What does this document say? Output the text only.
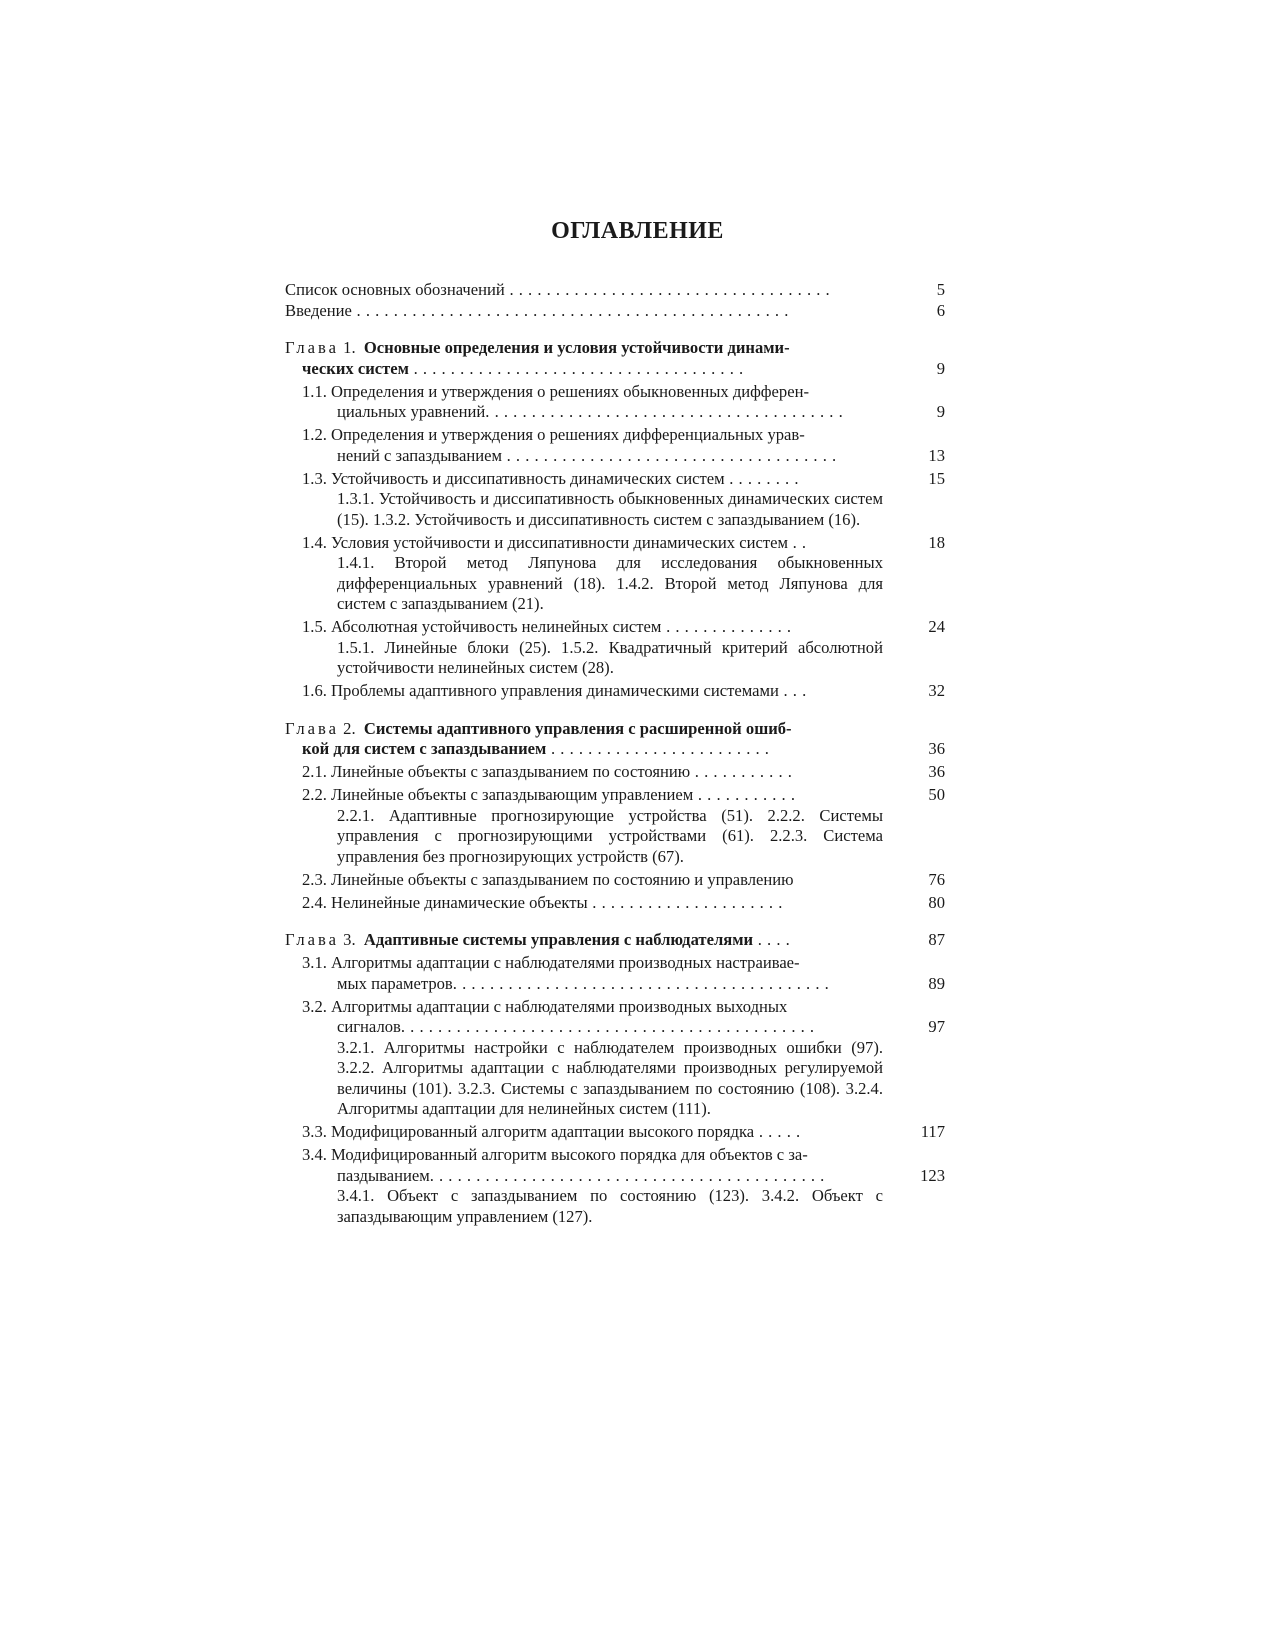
ОГЛАВЛЕНИЕ
Список основных обозначений . . . . . . . . . . . . . . . . . . . . . . . . . . . . . . . . . . .	5
Введение . . . . . . . . . . . . . . . . . . . . . . . . . . . . . . . . . . . . . . . . . . . . . . .	6
Глава 1. Основные определения и условия устойчивости динами-
ческих систем . . . . . . . . . . . . . . . . . . . . . . . . . . . . . . . . . . . .	9
1.1. Определения и утверждения о решениях обыкновенных дифферен-
циальных уравнений. . . . . . . . . . . . . . . . . . . . . . . . . . . . . . . . . . . . . . .	9
1.2. Определения и утверждения о решениях дифференциальных урав-
нений с запаздыванием . . . . . . . . . . . . . . . . . . . . . . . . . . . . . . . . . . . .	13
1.3. Устойчивость и диссипативность динамических систем . . . . . . . .	15
1.3.1. Устойчивость и диссипативность обыкновенных динамических систем (15). 1.3.2. Устойчивость и диссипативность систем с запаздыванием (16).
1.4. Условия устойчивости и диссипативности динамических систем . .	18
1.4.1. Второй метод Ляпунова для исследования обыкновенных дифференциальных уравнений (18). 1.4.2. Второй метод Ляпунова для систем с запаздыванием (21).
1.5. Абсолютная устойчивость нелинейных систем . . . . . . . . . . . . . .	24
1.5.1. Линейные блоки (25). 1.5.2. Квадратичный критерий абсолютной устойчивости нелинейных систем (28).
1.6. Проблемы адаптивного управления динамическими системами . . .	32
Глава 2. Системы адаптивного управления с расширенной ошиб-
кой для систем с запаздыванием . . . . . . . . . . . . . . . . . . . . . . . .	36
2.1. Линейные объекты с запаздыванием по состоянию . . . . . . . . . . .	36
2.2. Линейные объекты с запаздывающим управлением . . . . . . . . . . .	50
2.2.1. Адаптивные прогнозирующие устройства (51). 2.2.2. Системы управления с прогнозирующими устройствами (61). 2.2.3. Система управления без прогнозирующих устройств (67).
2.3. Линейные объекты с запаздыванием по состоянию и управлению	76
2.4. Нелинейные динамические объекты . . . . . . . . . . . . . . . . . . . . .	80
Глава 3. Адаптивные системы управления с наблюдателями . . . .	87
3.1. Алгоритмы адаптации с наблюдателями производных настраивае-
мых параметров. . . . . . . . . . . . . . . . . . . . . . . . . . . . . . . . . . . . . . . . .	89
3.2. Алгоритмы адаптации с наблюдателями производных выходных
сигналов. . . . . . . . . . . . . . . . . . . . . . . . . . . . . . . . . . . . . . . . . . . . .	97
3.2.1. Алгоритмы настройки с наблюдателем производных ошибки (97). 3.2.2. Алгоритмы адаптации с наблюдателями производных регулируемой величины (101). 3.2.3. Системы с запаздыванием по состоянию (108). 3.2.4. Алгоритмы адаптации для нелинейных систем (111).
3.3. Модифицированный алгоритм адаптации высокого порядка . . . . .	117
3.4. Модифицированный алгоритм высокого порядка для объектов с за-
паздыванием. . . . . . . . . . . . . . . . . . . . . . . . . . . . . . . . . . . . . . . . . . .	123
3.4.1. Объект с запаздыванием по состоянию (123). 3.4.2. Объект с запаздывающим управлением (127).
